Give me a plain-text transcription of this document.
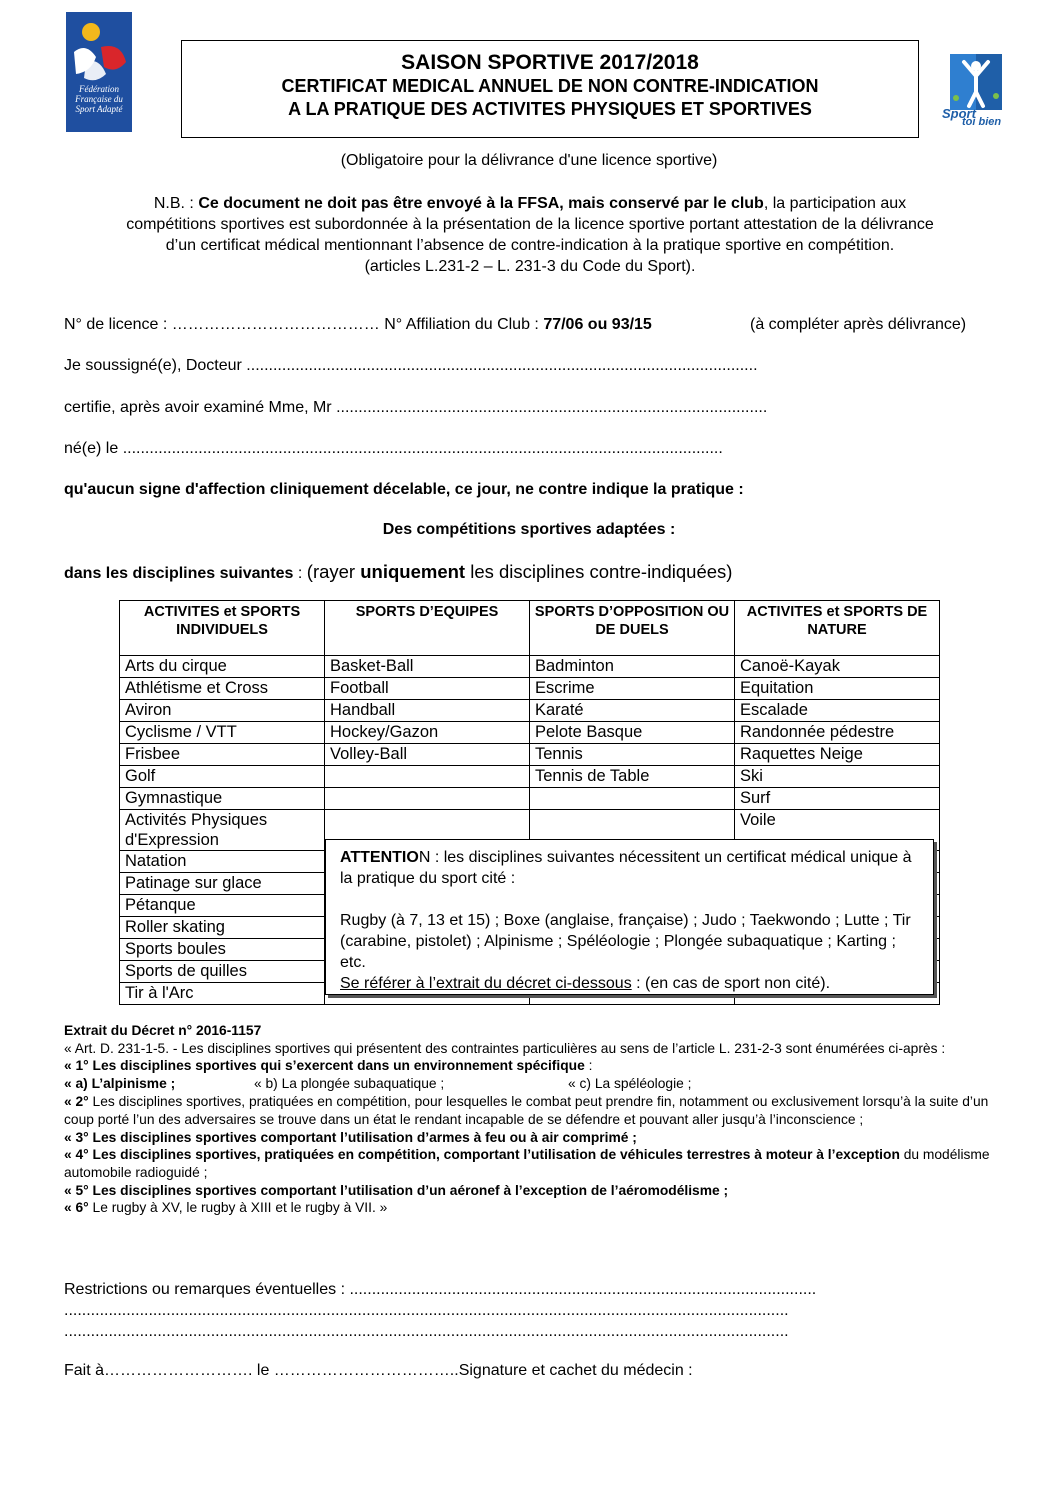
Fédération Française du Sport Adapté
SAISON SPORTIVE 2017/2018
CERTIFICAT MEDICAL ANNUEL DE NON CONTRE-INDICATION
A LA PRATIQUE DES ACTIVITES PHYSIQUES ET SPORTIVES	Sport
toi bien
(Obligatoire pour la délivrance d'une licence sportive)
N.B. : Ce document ne doit pas être envoyé à la FFSA, mais conservé par le club, la participation aux
compétitions sportives est subordonnée à la présentation de la licence sportive portant attestation de la délivrance
d’un certificat médical mentionnant l’absence de contre-indication à la pratique sportive en compétition.
(articles L.231-2 – L. 231-3 du Code du Sport).
N° de licence : ………………………………… N° Affiliation du Club : 77/06 ou 93/15	(à compléter après délivrance)
Je soussigné(e), Docteur ...................................................................................................................
certifie, après avoir examiné Mme, Mr .................................................................................................
né(e) le .......................................................................................................................................
qu'aucun signe d'affection cliniquement décelable, ce jour, ne contre indique la pratique :
Des compétitions sportives adaptées :
dans les disciplines suivantes : (rayer uniquement les disciplines contre-indiquées)
ACTIVITES et SPORTS INDIVIDUELS	SPORTS D’EQUIPES	SPORTS D’OPPOSITION OU DE DUELS	ACTIVITES et SPORTS DE NATURE
Arts du cirque	Basket-Ball	Badminton	Canoë-Kayak
Athlétisme et Cross	Football	Escrime	Equitation
Aviron	Handball	Karaté	Escalade
Cyclisme / VTT	Hockey/Gazon	Pelote Basque	Randonnée pédestre
Frisbee	Volley-Ball	Tennis	Raquettes Neige
Golf		Tennis de Table	Ski
Gymnastique			Surf
Activités Physiques d'Expression			Voile
Natation			
Patinage sur glace			
Pétanque			
Roller skating			
Sports boules			
Sports de quilles			
Tir à l'Arc			
ATTENTION : les disciplines suivantes nécessitent un certificat médical unique à la pratique du sport cité :
Rugby (à 7, 13 et 15) ; Boxe (anglaise, française) ; Judo ; Taekwondo ; Lutte ; Tir (carabine, pistolet) ; Alpinisme ; Spéléologie ; Plongée subaquatique ; Karting ; etc.
Se référer à l’extrait du décret ci-dessous : (en cas de sport non cité).
Extrait du Décret n° 2016-1157
« Art. D. 231-1-5. - Les disciplines sportives qui présentent des contraintes particulières au sens de l’article L. 231-2-3 sont énumérées ci-après :
« 1° Les disciplines sportives qui s’exercent dans un environnement spécifique :
« a) L’alpinisme ;	« b) La plongée subaquatique ;	« c) La spéléologie ;
« 2° Les disciplines sportives, pratiquées en compétition, pour lesquelles le combat peut prendre fin, notamment ou exclusivement lorsqu’à la suite d’un coup porté l’un des adversaires se trouve dans un état le rendant incapable de se défendre et pouvant aller jusqu’à l’inconscience ;
« 3° Les disciplines sportives comportant l’utilisation d’armes à feu ou à air comprimé ;
« 4° Les disciplines sportives, pratiquées en compétition, comportant l’utilisation de véhicules terrestres à moteur à l’exception du modélisme automobile radioguidé ;
« 5° Les disciplines sportives comportant l’utilisation d’un aéronef à l’exception de l’aéromodélisme ;
« 6° Le rugby à XV, le rugby à XIII et le rugby à VII. »
Restrictions ou remarques éventuelles : .........................................................................................................
...................................................................................................................................................................
...................................................................................................................................................................
Fait à………………………. le ……………………………..Signature et cachet du médecin :
